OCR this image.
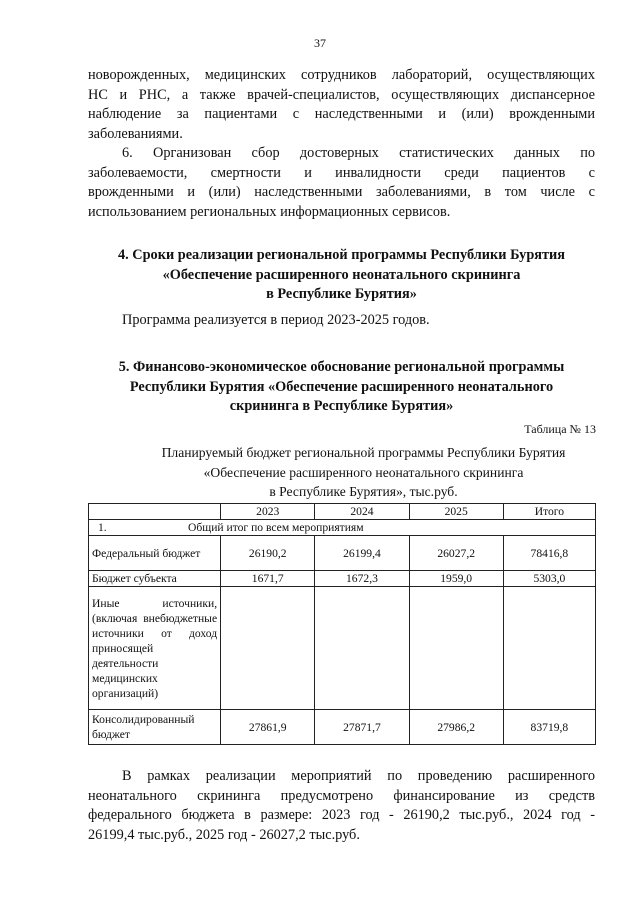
37
новорожденных, медицинских сотрудников лабораторий, осуществляющих
НС и РНС, а также врачей-специалистов, осуществляющих диспансерное
наблюдение за пациентами с наследственными и (или) врожденными
заболеваниями.
6. Организован сбор достоверных статистических данных по
заболеваемости, смертности и инвалидности среди пациентов с
врожденными и (или) наследственными заболеваниями, в том числе с
использованием региональных информационных сервисов.
4. Сроки реализации региональной программы Республики Бурятия
«Обеспечение расширенного неонатального скрининга
в Республике Бурятия»
Программа реализуется в период 2023-2025 годов.
5. Финансово-экономическое обоснование региональной программы
Республики Бурятия «Обеспечение расширенного неонатального
скрининга в Республике Бурятия»
Таблица № 13
Планируемый бюджет региональной программы Республики Бурятия
«Обеспечение расширенного неонатального скрининга
в Республике Бурятия», тыс.руб.
	2023	2024	2025	Итого
1. Общий итог по всем мероприятиям				
Федеральный бюджет	26190,2	26199,4	26027,2	78416,8
Бюджет субъекта	1671,7	1672,3	1959,0	5303,0
Иные источники, (включая внебюджетные источники от доход приносящей деятельности медицинских организаций)				
Консолидированный бюджет	27861,9	27871,7	27986,2	83719,8
В рамках реализации мероприятий по проведению расширенного
неонатального скрининга предусмотрено финансирование из средств
федерального бюджета в размере: 2023 год - 26190,2 тыс.руб., 2024 год -
26199,4 тыс.руб., 2025 год - 26027,2 тыс.руб.
